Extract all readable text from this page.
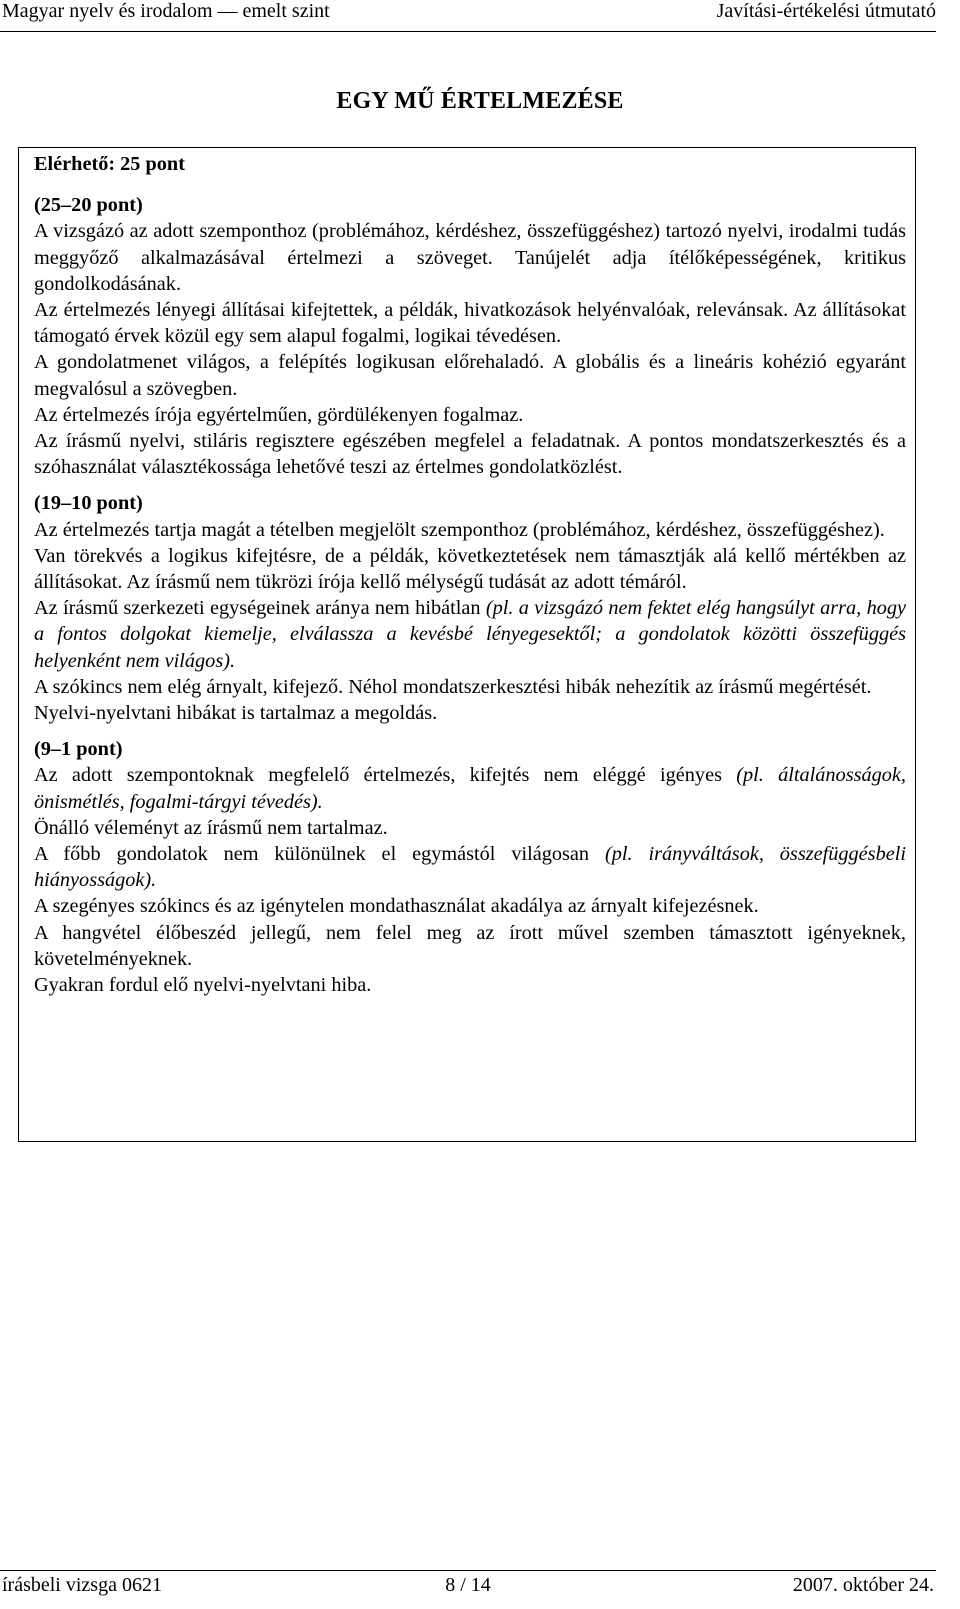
Magyar nyelv és irodalom — emelt szint	Javítási-értékelési útmutató
EGY MŰ ÉRTELMEZÉSE

Elérhető: 25 pont

(25–20 pont)

A vizsgázó az adott szemponthoz (problémához, kérdéshez, összefüggéshez) tartozó nyelvi, irodalmi tudás meggyőző alkalmazásával értelmezi a szöveget. Tanújelét adja ítélőképességének, kritikus gondolkodásának.

Az értelmezés lényegi állításai kifejtettek, a példák, hivatkozások helyénvalóak, relevánsak. Az állításokat támogató érvek közül egy sem alapul fogalmi, logikai tévedésen.

A gondolatmenet világos, a felépítés logikusan előrehaladó. A globális és a lineáris kohézió egyaránt megvalósul a szövegben.

Az értelmezés írója egyértelműen, gördülékenyen fogalmaz.

Az írásmű nyelvi, stiláris regisztere egészében megfelel a feladatnak. A pontos mondatszerkesztés és a szóhasználat választékossága lehetővé teszi az értelmes gondolatközlést.

(19–10 pont)

Az értelmezés tartja magát a tételben megjelölt szemponthoz (problémához, kérdéshez, összefüggéshez).

Van törekvés a logikus kifejtésre, de a példák, következtetések nem támasztják alá kellő mértékben az állításokat. Az írásmű nem tükrözi írója kellő mélységű tudását az adott témáról.

Az írásmű szerkezeti egységeinek aránya nem hibátlan (pl. a vizsgázó nem fektet elég hangsúlyt arra, hogy a fontos dolgokat kiemelje, elválassza a kevésbé lényegesektől; a gondolatok közötti összefüggés helyenként nem világos).

A szókincs nem elég árnyalt, kifejező. Néhol mondatszerkesztési hibák nehezítik az írásmű megértését.

Nyelvi-nyelvtani hibákat is tartalmaz a megoldás.

(9–1 pont)

Az adott szempontoknak megfelelő értelmezés, kifejtés nem eléggé igényes (pl. általánosságok, önismétlés, fogalmi-tárgyi tévedés).

Önálló véleményt az írásmű nem tartalmaz.

A főbb gondolatok nem különülnek el egymástól világosan (pl. irányváltások, összefüggésbeli hiányosságok).

A szegényes szókincs és az igénytelen mondathasználat akadálya az árnyalt kifejezésnek.

A hangvétel élőbeszéd jellegű, nem felel meg az írott művel szemben támasztott igényeknek, követelményeknek.

Gyakran fordul elő nyelvi-nyelvtani hiba.

írásbeli vizsga 0621	8 / 14	2007. október 24.
